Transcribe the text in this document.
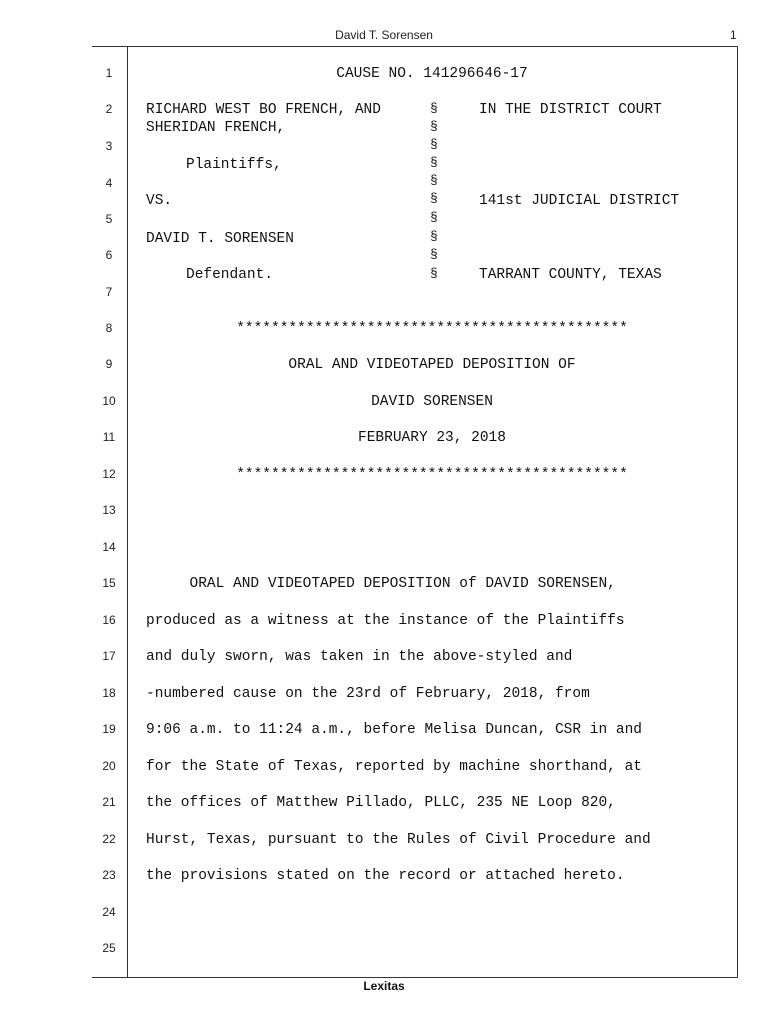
David T. Sorensen	1
1
2
3
4
5
6
7
8
9
10
11
12
13
14
15
16
17
18
19
20
21
22
23
24
25
CAUSE NO. 141296646-17
RICHARD WEST BO FRENCH, AND
SHERIDAN FRENCH,
Plaintiffs,
VS.
DAVID T. SORENSEN
Defendant.
IN THE DISTRICT COURT
141st JUDICIAL DISTRICT
TARRANT COUNTY, TEXAS
§
§
§
§
§
§
§
§
§
§
*********************************************
ORAL AND VIDEOTAPED DEPOSITION OF
DAVID SORENSEN
FEBRUARY 23, 2018
*********************************************
ORAL AND VIDEOTAPED DEPOSITION of DAVID SORENSEN,
produced as a witness at the instance of the Plaintiffs
and duly sworn, was taken in the above-styled and
-numbered cause on the 23rd of February, 2018, from
9:06 a.m. to 11:24 a.m., before Melisa Duncan, CSR in and
for the State of Texas, reported by machine shorthand, at
the offices of Matthew Pillado, PLLC, 235 NE Loop 820,
Hurst, Texas, pursuant to the Rules of Civil Procedure and
the provisions stated on the record or attached hereto.
Lexitas
